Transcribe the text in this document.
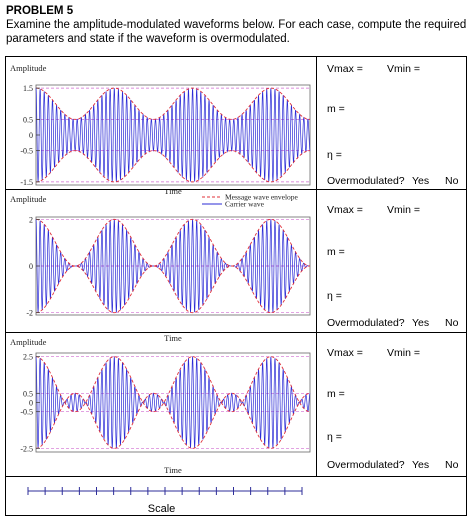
PROBLEM 5
Examine the amplitude-modulated waveforms below. For each case, compute the required parameters and state if the waveform is overmodulated.
1.5
0.5
0
-0.5
-1.5
Amplitude	Vmax = Vmin =
m =
η =
Overmodulated? Yes No
2
0
-2
Amplitude
Time
Message wave envelope
Carrier wave	Vmax = Vmin =
m =
η =
Overmodulated? Yes No
Time
2.5
0.5
0
-0.5
-2.5
Amplitude
Time
Vmax = Vmin =
m =
η =
Overmodulated? Yes No
Scale
